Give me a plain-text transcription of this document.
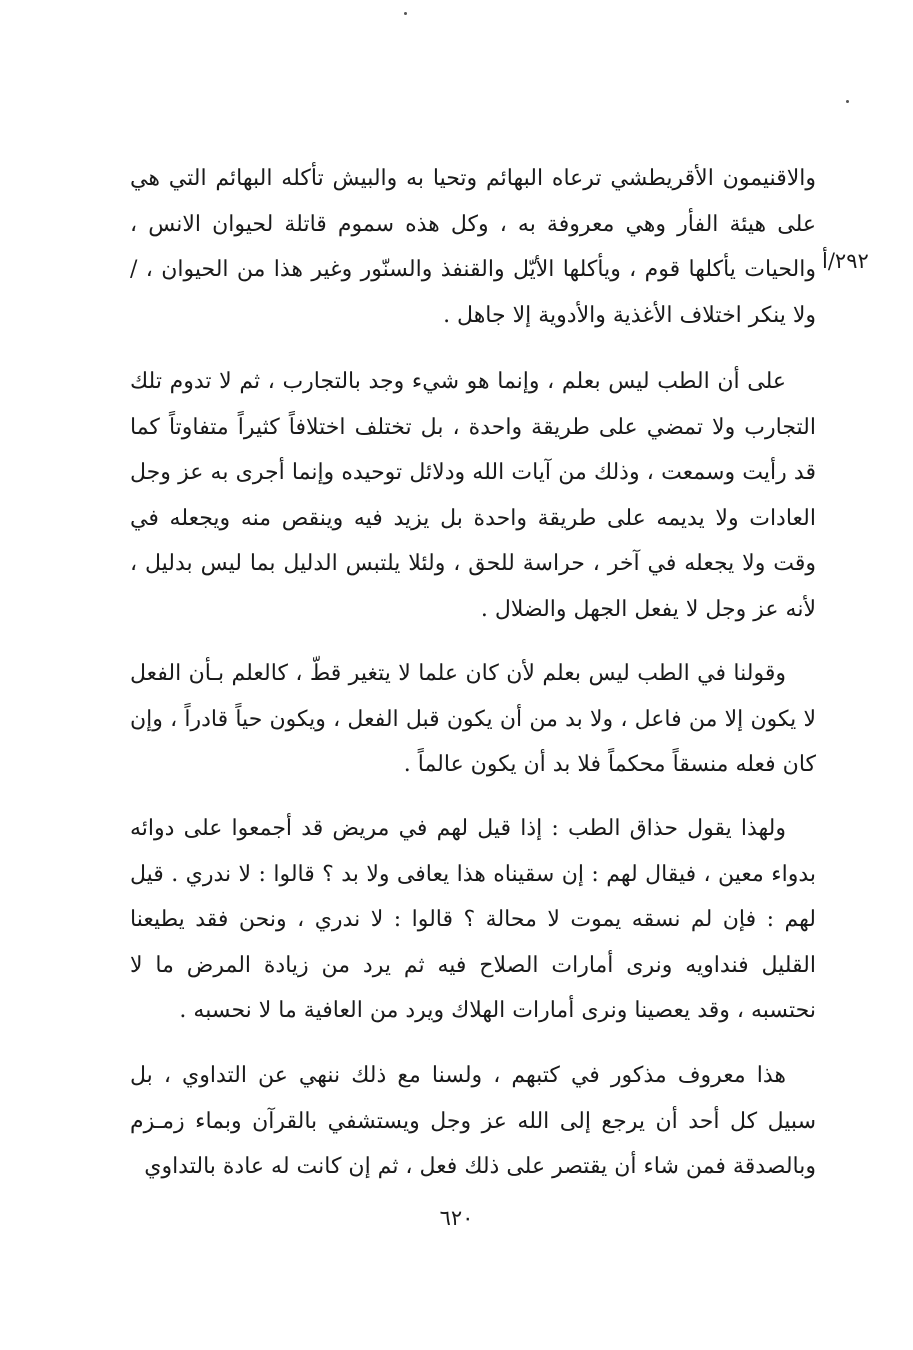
٢٩٢/أ

والاقنيمون الأقريطشي ترعاه البهائم وتحيا به والبيش تأكله البهائم التي هي على هيئة الفأر وهي معروفة به ، وكل هذه سموم قاتلة لحيوان الانس ، والحيات يأكلها قوم ، ويأكلها الأيّل والقنفذ والسنّور وغير هذا من الحيوان ، / ولا ينكر اختلاف الأغذية والأدوية إلا جاهل .

على أن الطب ليس بعلم ، وإنما هو شيء وجد بالتجارب ، ثم لا تدوم تلك التجارب ولا تمضي على طريقة واحدة ، بل تختلف اختلافاً كثيراً متفاوتاً كما قد رأيت وسمعت ، وذلك من آيات الله ودلائل توحيده وإنما أجرى به عز وجل العادات ولا يديمه على طريقة واحدة بل يزيد فيه وينقص منه ويجعله في وقت ولا يجعله في آخر ، حراسة للحق ، ولئلا يلتبس الدليل بما ليس بدليل ، لأنه عز وجل لا يفعل الجهل والضلال .

وقولنا في الطب ليس بعلم لأن كان علما لا يتغير قطّ ، كالعلم بـأن الفعل لا يكون إلا من فاعل ، ولا بد من أن يكون قبل الفعل ، ويكون حياً قادراً ، وإن كان فعله منسقاً محكماً فلا بد أن يكون عالماً .

ولهذا يقول حذاق الطب : إذا قيل لهم في مريض قد أجمعوا على دوائه بدواء معين ، فيقال لهم : إن سقيناه هذا يعافى ولا بد ؟ قالوا : لا ندري . قيل لهم : فإن لم نسقه يموت لا محالة ؟ قالوا : لا ندري ، ونحن فقد يطيعنا القليل فنداويه ونرى أمارات الصلاح فيه ثم يرد من زيادة المرض ما لا نحتسبه ، وقد يعصينا ونرى أمارات الهلاك ويرد من العافية ما لا نحسبه .

هذا معروف مذكور في كتبهم ، ولسنا مع ذلك ننهي عن التداوي ، بل سبيل كل أحد أن يرجع إلى الله عز وجل ويستشفي بالقرآن وبماء زمـزم وبالصدقة فمن شاء أن يقتصر على ذلك فعل ، ثم إن كانت له عادة بالتداوي

٦٢٠
